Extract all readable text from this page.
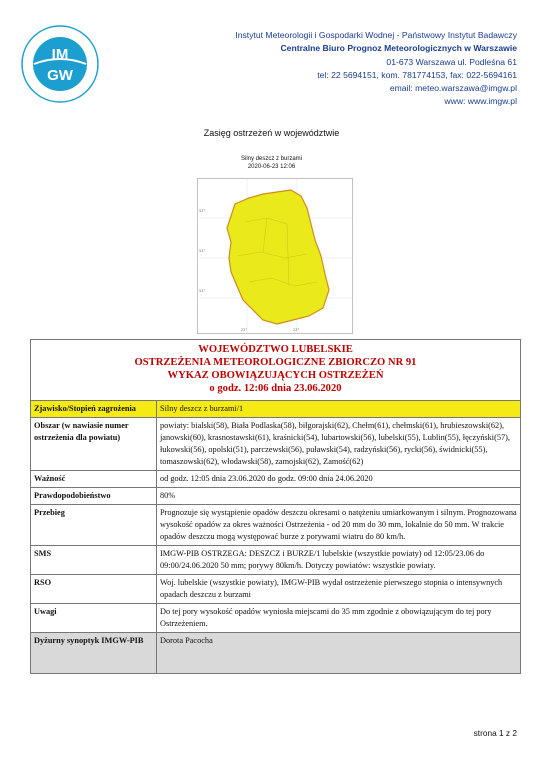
IM
GW
Instytut Meteorologii i Gospodarki Wodnej - Państwowy Instytut Badawczy
Centralne Biuro Prognoz Meteorologicznych w Warszawie
01-673 Warszawa ul. Podleśna 61
tel: 22 5694151, kom. 781774153, fax: 022-5694161
email: meteo.warszawa@imgw.pl
www: www.imgw.pl
Zasięg ostrzeżeń w województwie
Silny deszcz z burzami
2020-06-23 12:06
52°
51°
51°
22°	23°
WOJEWÓDZTWO LUBELSKIE
OSTRZEŻENIA METEOROLOGICZNE ZBIORCZO NR 91
WYKAZ OBOWIĄZUJĄCYCH OSTRZEŻEŃ
o godz. 12:06 dnia 23.06.2020
Zjawisko/Stopień zagrożenia	Silny deszcz z burzami/1
Obszar (w nawiasie numer ostrzeżenia dla powiatu)	powiaty: bialski(58), Biała Podlaska(58), biłgorajski(62), Chełm(61), chełmski(61), hrubieszowski(62), janowski(60), krasnostawski(61), kraśnicki(54), lubartowski(56), lubelski(55), Lublin(55), łęczyński(57), łukowski(56), opolski(51), parczewski(56), puławski(54), radzyński(56), rycki(56), świdnicki(55), tomaszowski(62), włodawski(58), zamojski(62), Zamość(62)
Ważność	od godz. 12:05 dnia 23.06.2020 do godz. 09:00 dnia 24.06.2020
Prawdopodobieństwo	80%
Przebieg	Prognozuje się wystąpienie opadów deszczu okresami o natężeniu umiarkowanym i silnym. Prognozowana wysokość opadów za okres ważności Ostrzeżenia - od 20 mm do 30 mm, lokalnie do 50 mm. W trakcie opadów deszczu mogą występować burze z porywami wiatru do 80 km/h.
SMS	IMGW-PIB OSTRZEGA: DESZCZ i BURZE/1 lubelskie (wszystkie powiaty) od 12:05/23.06 do 09:00/24.06.2020 50 mm; porywy 80km/h. Dotyczy powiatów: wszystkie powiaty.
RSO	Woj. lubelskie (wszystkie powiaty), IMGW-PIB wydał ostrzeżenie pierwszego stopnia o intensywnych opadach deszczu z burzami
Uwagi	Do tej pory wysokość opadów wyniosła miejscami do 35 mm zgodnie z obowiązującym do tej pory Ostrzeżeniem.
Dyżurny synoptyk IMGW-PIB	Dorota Pacocha
strona 1 z 2
